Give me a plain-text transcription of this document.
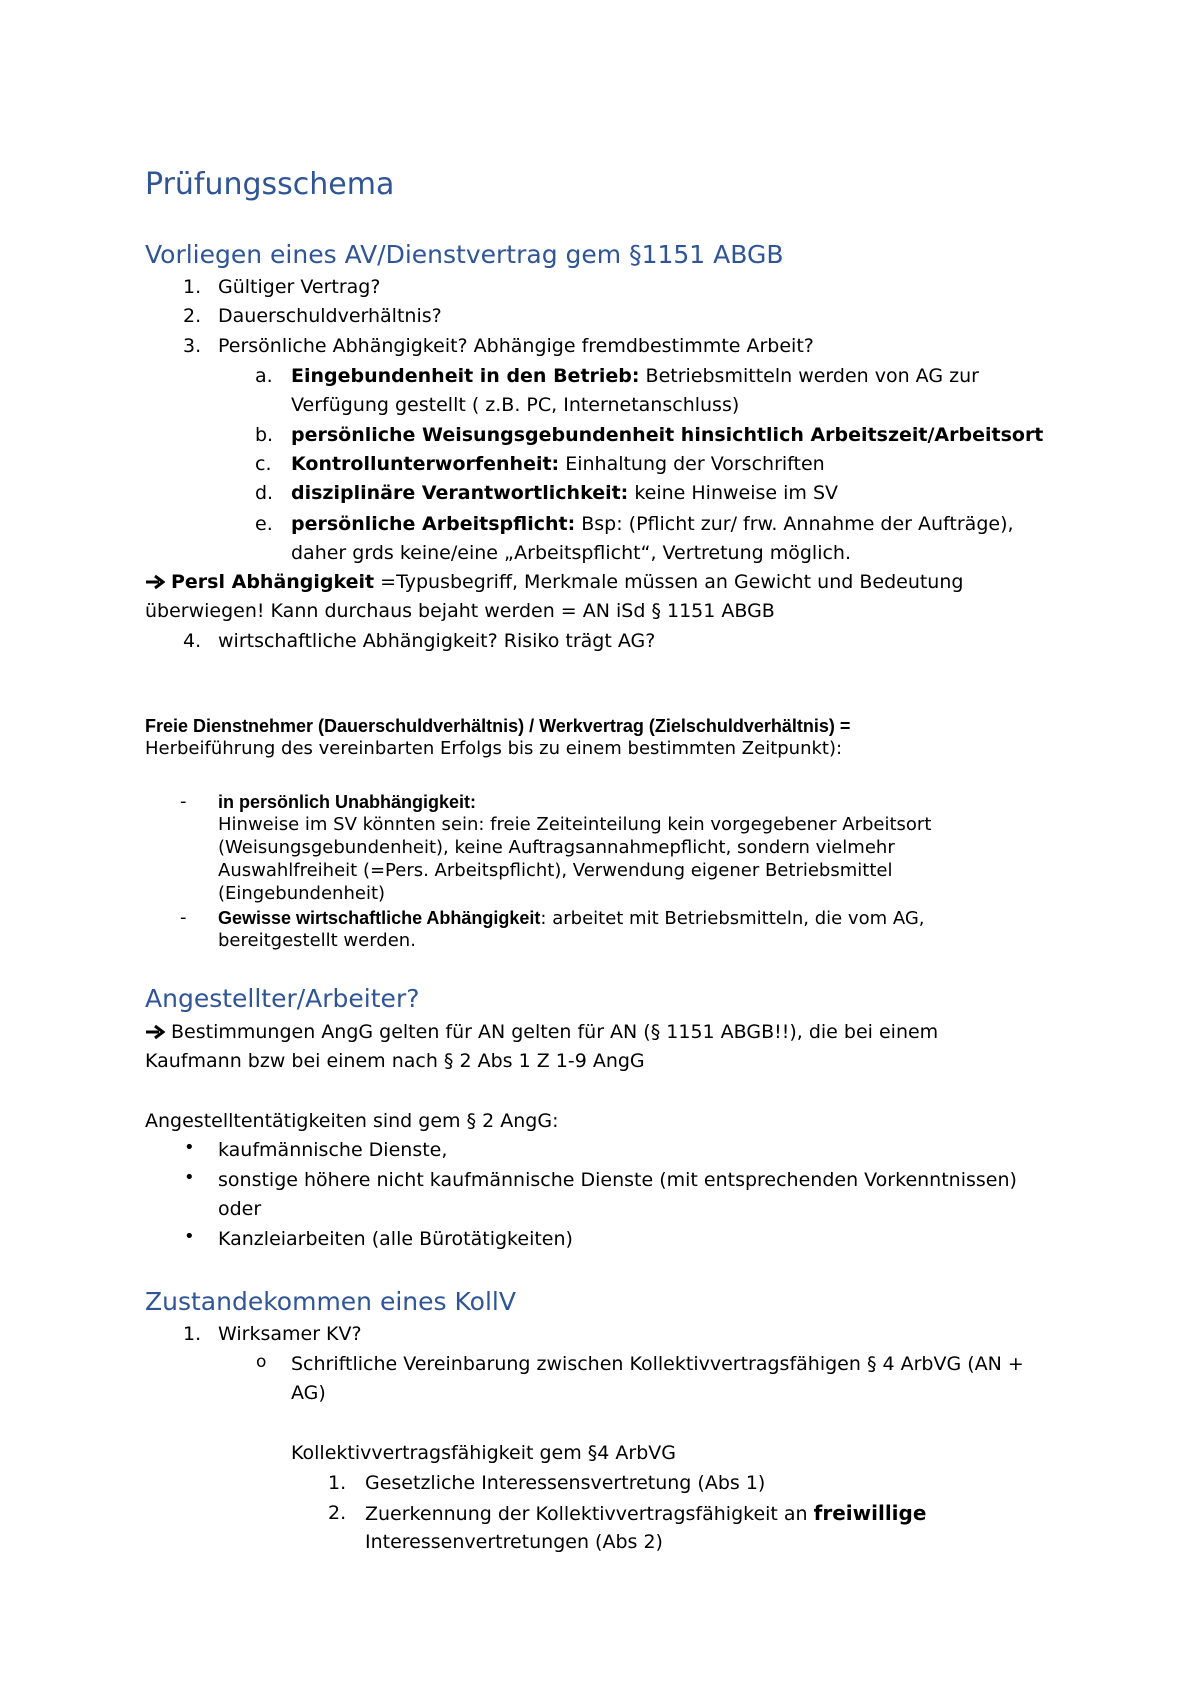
Prüfungsschema
Vorliegen eines AV/Dienstvertrag gem §1151 ABGB
1. Gültiger Vertrag?
2. Dauerschuldverhältnis?
3. Persönliche Abhängigkeit? Abhängige fremdbestimmte Arbeit?
a. Eingebundenheit in den Betrieb: Betriebsmitteln werden von AG zur
Verfügung gestellt ( z.B. PC, Internetanschluss)
b. persönliche Weisungsgebundenheit hinsichtlich Arbeitszeit/Arbeitsort
c. Kontrollunterworfenheit: Einhaltung der Vorschriften
d. disziplinäre Verantwortlichkeit: keine Hinweise im SV
e. persönliche Arbeitspflicht: Bsp: (Pflicht zur/ frw. Annahme der Aufträge),
daher grds keine/eine „Arbeitspflicht“, Vertretung möglich.
Persl Abhängigkeit =Typusbegriff, Merkmale müssen an Gewicht und Bedeutung
überwiegen! Kann durchaus bejaht werden = AN iSd § 1151 ABGB
4. wirtschaftliche Abhängigkeit? Risiko trägt AG?
Freie Dienstnehmer (Dauerschuldverhältnis) / Werkvertrag (Zielschuldverhältnis) =
Herbeiführung des vereinbarten Erfolgs bis zu einem bestimmten Zeitpunkt):
- in persönlich Unabhängigkeit:
Hinweise im SV könnten sein: freie Zeiteinteilung kein vorgegebener Arbeitsort
(Weisungsgebundenheit), keine Auftragsannahmepflicht, sondern vielmehr
Auswahlfreiheit (=Pers. Arbeitspflicht), Verwendung eigener Betriebsmittel
(Eingebundenheit)
- Gewisse wirtschaftliche Abhängigkeit: arbeitet mit Betriebsmitteln, die vom AG,
bereitgestellt werden.
Angestellter/Arbeiter?
Bestimmungen AngG gelten für AN gelten für AN (§ 1151 ABGB!!), die bei einem
Kaufmann bzw bei einem nach § 2 Abs 1 Z 1-9 AngG
Angestelltentätigkeiten sind gem § 2 AngG:
• kaufmännische Dienste,
• sonstige höhere nicht kaufmännische Dienste (mit entsprechenden Vorkenntnissen)
oder
• Kanzleiarbeiten (alle Bürotätigkeiten)
Zustandekommen eines KollV
1. Wirksamer KV?
o Schriftliche Vereinbarung zwischen Kollektivvertragsfähigen § 4 ArbVG (AN +
AG)
Kollektivvertragsfähigkeit gem §4 ArbVG
1. Gesetzliche Interessensvertretung (Abs 1)
2. Zuerkennung der Kollektivvertragsfähigkeit an freiwillige
Interessenvertretungen (Abs 2)
